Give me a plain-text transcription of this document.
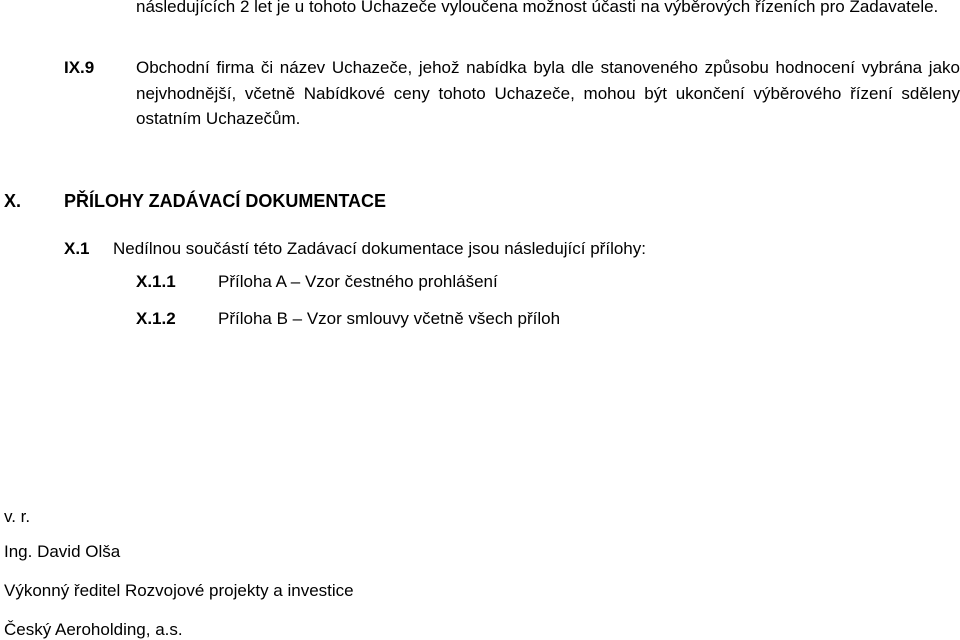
následujících 2 let je u tohoto Uchazeče vyloučena možnost účasti na výběrových řízeních pro Zadavatele.
IX.9 Obchodní firma či název Uchazeče, jehož nabídka byla dle stanoveného způsobu hodnocení vybrána jako nejvhodnější, včetně Nabídkové ceny tohoto Uchazeče, mohou být ukončení výběrového řízení sděleny ostatním Uchazečům.
X. PŘÍLOHY ZADÁVACÍ DOKUMENTACE
X.1 Nedílnou součástí této Zadávací dokumentace jsou následující přílohy:
X.1.1 Příloha A – Vzor čestného prohlášení
X.1.2 Příloha B – Vzor smlouvy včetně všech příloh
v. r.
Ing. David Olša
Výkonný ředitel Rozvojové projekty a investice
Český Aeroholding, a.s.
